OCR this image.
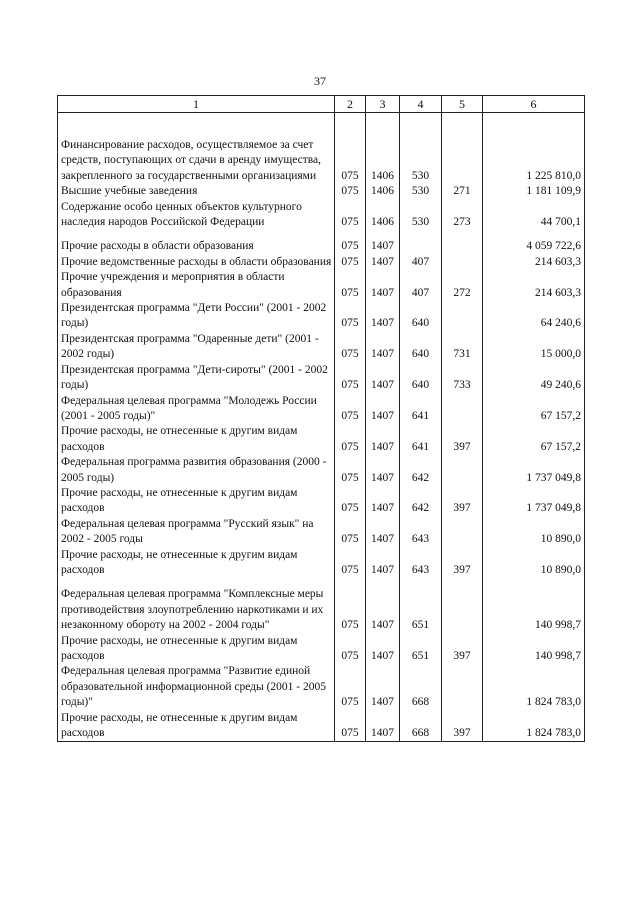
37
1	2	3	4	5	6

Финансирование расходов, осуществляемое за счет средств, поступающих от сдачи в аренду имущества, закрепленного за государственными организациями	075	1406	530		1 225 810,0
Высшие учебные заведения	075	1406	530	271	1 181 109,9
Содержание особо ценных объектов культурного наследия народов Российской Федерации	075	1406	530	273	44 700,1
Прочие расходы в области образования	075	1407			4 059 722,6
Прочие ведомственные расходы в области образования	075	1407	407		214 603,3
Прочие учреждения и мероприятия в области образования	075	1407	407	272	214 603,3
Президентская программа "Дети России" (2001 - 2002 годы)	075	1407	640		64 240,6
Президентская программа "Одаренные дети" (2001 - 2002 годы)	075	1407	640	731	15 000,0
Президентская программа "Дети-сироты" (2001 - 2002 годы)	075	1407	640	733	49 240,6
Федеральная целевая программа "Молодежь России (2001 - 2005 годы)"	075	1407	641		67 157,2
Прочие расходы, не отнесенные к другим видам расходов	075	1407	641	397	67 157,2
Федеральная программа развития образования (2000 - 2005 годы)	075	1407	642		1 737 049,8
Прочие расходы, не отнесенные к другим видам расходов	075	1407	642	397	1 737 049,8
Федеральная целевая программа "Русский язык" на 2002 - 2005 годы	075	1407	643		10 890,0
Прочие расходы, не отнесенные к другим видам расходов	075	1407	643	397	10 890,0
Федеральная целевая программа "Комплексные меры противодействия злоупотреблению наркотиками и их незаконному обороту на 2002 - 2004 годы"	075	1407	651		140 998,7
Прочие расходы, не отнесенные к другим видам расходов	075	1407	651	397	140 998,7
Федеральная целевая программа "Развитие единой образовательной информационной среды (2001 - 2005 годы)"	075	1407	668		1 824 783,0
Прочие расходы, не отнесенные к другим видам расходов	075	1407	668	397	1 824 783,0
